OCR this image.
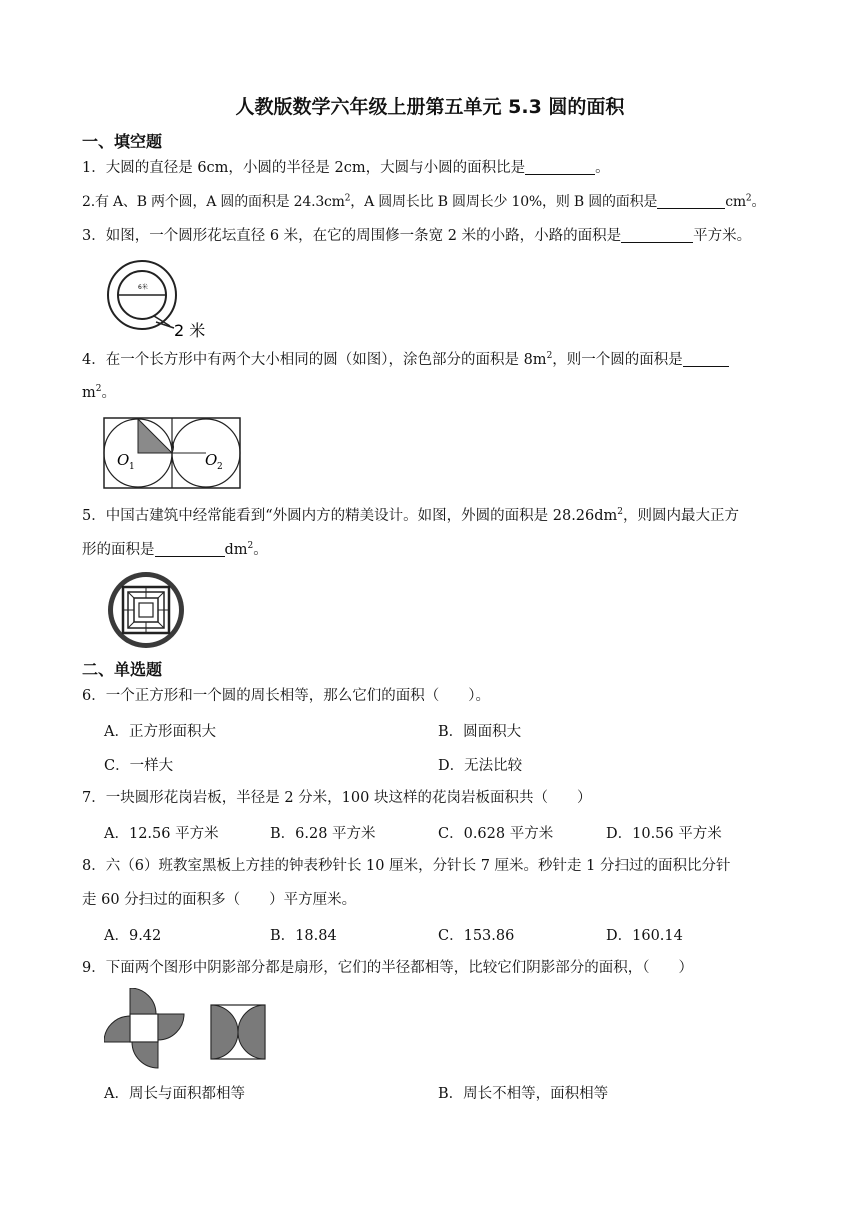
人教版数学六年级上册第五单元 5.3 圆的面积
一、填空题
1．大圆的直径是 6cm，小圆的半径是 2cm，大圆与小圆的面积比是	。
2.有 A、B 两个圆，A 圆的面积是 $24.3cm^2$，A 圆周长比 B 圆周长少 10%，则 B 圆的面积是	$cm^2$。
3．如图，一个圆形花坛直径 6 米，在它的周围修一条宽 2 米的小路，小路的面积是	平方米。
6米
2 米
4．在一个长方形中有两个大小相同的圆（如图），涂色部分的面积是 $8m^2$，则一个圆的面积是
$m^2$。
O 1	O 2
5．中国古建筑中经常能看到“外圆内方的精美设计。如图，外圆的面积是 $28.26dm^2$，则圆内最大正方
形的面积是	$dm^2$。
二、单选题
6．一个正方形和一个圆的周长相等，那么它们的面积（　　）。
A．正方形面积大	B．圆面积大
C．一样大	D．无法比较
7．一块圆形花岗岩板，半径是 2 分米，100 块这样的花岗岩板面积共（　　）
A．12.56 平方米	B．6.28 平方米	C．0.628 平方米	D．10.56 平方米
8．六（6）班教室黑板上方挂的钟表秒针长 10 厘米，分针长 7 厘米。秒针走 1 分扫过的面积比分针
走 60 分扫过的面积多（　　）平方厘米。
A．9.42	B．18.84	C．153.86	D．160.14
9．下面两个图形中阴影部分都是扇形，它们的半径都相等，比较它们阴影部分的面积，（　　）
A．周长与面积都相等	B．周长不相等，面积相等
